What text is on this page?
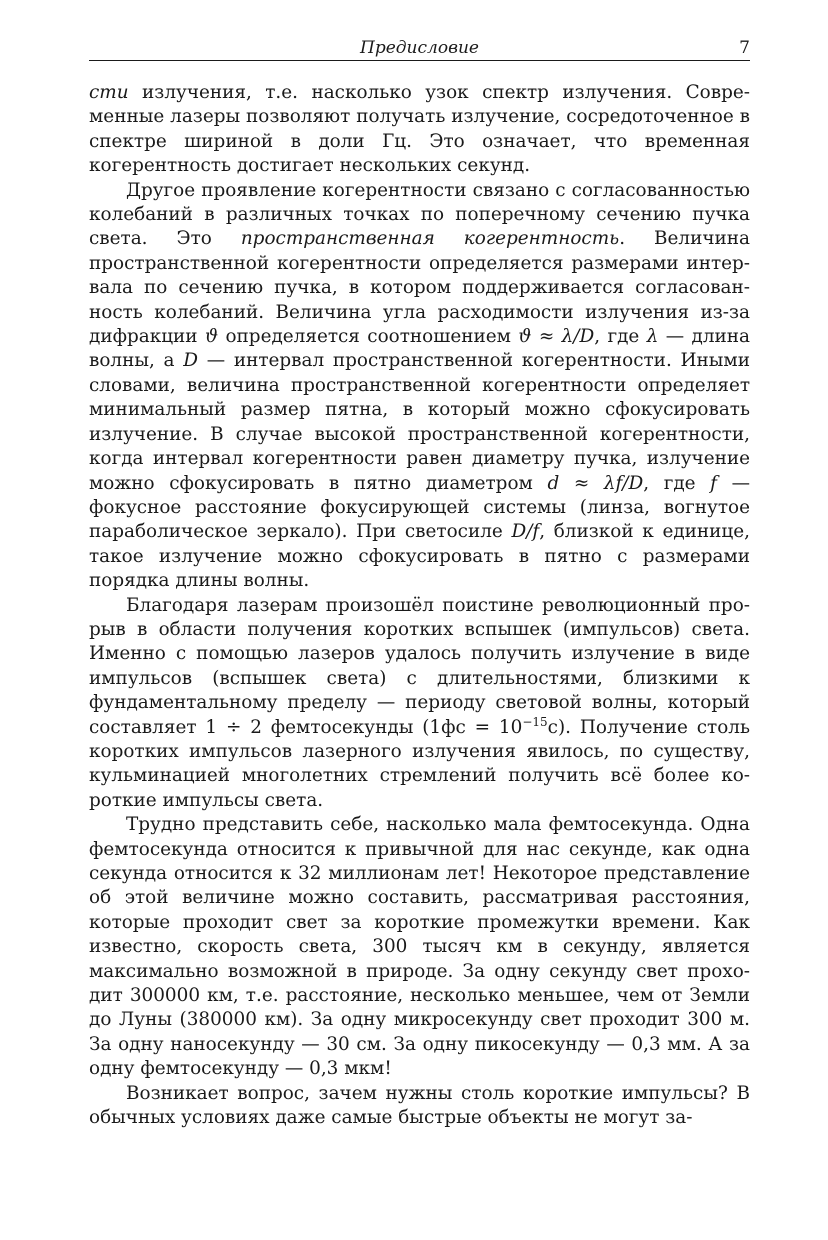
Предисловие	7

сти излучения, т.е. насколько узок спектр излучения. Современные лазеры позволяют получать излучение, сосредоточенное в спектре шириной в доли Гц. Это означает, что временная когерентность достигает нескольких секунд.

Другое проявление когерентности связано с согласованностью колебаний в различных точках по поперечному сечению пучка света. Это пространственная когерентность. Величина пространственной когерентности определяется размерами интервала по сечению пучка, в котором поддерживается согласованность колебаний. Величина угла расходимости излучения из-за дифракции ϑ определяется соотношением ϑ ≈ λ/D, где λ — длина волны, а D — интервал пространственной когерентности. Иными словами, величина пространственной когерентности определяет минимальный размер пятна, в который можно сфокусировать излучение. В случае высокой пространственной когерентности, когда интервал когерентности равен диаметру пучка, излучение можно сфокусировать в пятно диаметром d ≈ λf/D, где f — фокусное расстояние фокусирующей системы (линза, вогнутое параболическое зеркало). При светосиле D/f, близкой к единице, такое излучение можно сфокусировать в пятно с размерами порядка длины волны.

Благодаря лазерам произошёл поистине революционный прорыв в области получения коротких вспышек (импульсов) света. Именно с помощью лазеров удалось получить излучение в виде импульсов (вспышек света) с длительностями, близкими к фундаментальному пределу — периоду световой волны, который составляет 1 ÷ 2 фемтосекунды $(1фс = 10^{-15}с)$. Получение столь коротких импульсов лазерного излучения явилось, по существу, кульминацией многолетних стремлений получить всё более короткие импульсы света.

Трудно представить себе, насколько мала фемтосекунда. Одна фемтосекунда относится к привычной для нас секунде, как одна секунда относится к 32 миллионам лет! Некоторое представление об этой величине можно составить, рассматривая расстояния, которые проходит свет за короткие промежутки времени. Как известно, скорость света, 300 тысяч км в секунду, является максимально возможной в природе. За одну секунду свет проходит 300000 км, т.е. расстояние, несколько меньшее, чем от Земли до Луны (380000 км). За одну микросекунду свет проходит 300 м. За одну наносекунду — 30 см. За одну пикосекунду — 0,3 мм. А за одну фемтосекунду — 0,3 мкм!

Возникает вопрос, зачем нужны столь короткие импульсы? В обычных условиях даже самые быстрые объекты не могут за-
